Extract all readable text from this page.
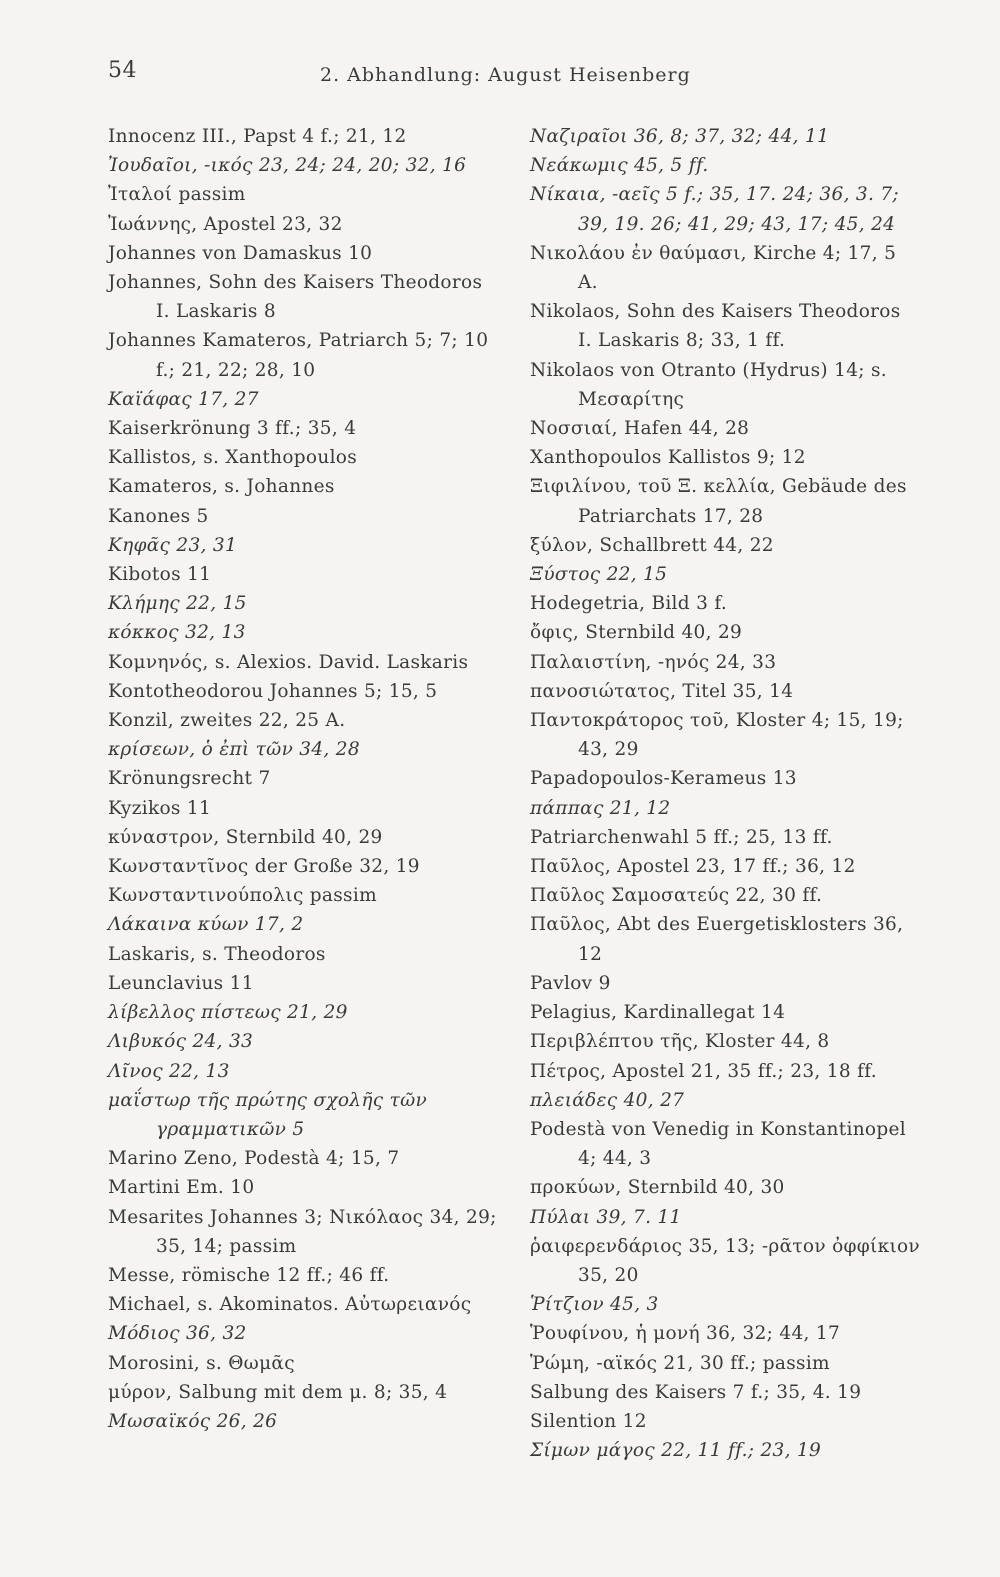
54	2. Abhandlung: August Heisenberg
Innocenz III., Papst 4 f.; 21, 12
Ἰουδαῖοι, -ικός 23, 24; 24, 20; 32, 16
Ἰταλοί passim
Ἰωάννης, Apostel 23, 32
Johannes von Damaskus 10
Johannes, Sohn des Kaisers Theodoros I. Laskaris 8
Johannes Kamateros, Patriarch 5; 7; 10 f.; 21, 22; 28, 10
Καϊάφας 17, 27
Kaiserkrönung 3 ff.; 35, 4
Kallistos, s. Xanthopoulos
Kamateros, s. Johannes
Kanones 5
Κηφᾶς 23, 31
Kibotos 11
Κλήμης 22, 15
κόκκος 32, 13
Κομνηνός, s. Alexios. David. Laskaris
Kontotheodorou Johannes 5; 15, 5
Konzil, zweites 22, 25 A.
κρίσεων, ὁ ἐπὶ τῶν 34, 28
Krönungsrecht 7
Kyzikos 11
κύναστρον, Sternbild 40, 29
Κωνσταντῖνος der Große 32, 19
Κωνσταντινούπολις passim
Λάκαινα κύων 17, 2
Laskaris, s. Theodoros
Leunclavius 11
λίβελλος πίστεως 21, 29
Λιβυκός 24, 33
Λῖνος 22, 13
μαΐστωρ τῆς πρώτης σχολῆς τῶν γραμματικῶν 5
Marino Zeno, Podestà 4; 15, 7
Martini Em. 10
Mesarites Johannes 3; Νικόλαος 34, 29; 35, 14; passim
Messe, römische 12 ff.; 46 ff.
Michael, s. Akominatos. Αὐτωρειανός
Μόδιος 36, 32
Morosini, s. Θωμᾶς
μύρον, Salbung mit dem μ. 8; 35, 4
Μωσαϊκός 26, 26
Ναζιραῖοι 36, 8; 37, 32; 44, 11
Νεάκωμις 45, 5 ff.
Νίκαια, -αεῖς 5 f.; 35, 17. 24; 36, 3. 7; 39, 19. 26; 41, 29; 43, 17; 45, 24
Νικολάου ἐν θαύμασι, Kirche 4; 17, 5 A.
Nikolaos, Sohn des Kaisers Theodoros I. Laskaris 8; 33, 1 ff.
Nikolaos von Otranto (Hydrus) 14; s. Μεσαρίτης
Νοσσιαί, Hafen 44, 28
Xanthopoulos Kallistos 9; 12
Ξιφιλίνου, τοῦ Ξ. κελλία, Gebäude des Patriarchats 17, 28
ξύλον, Schallbrett 44, 22
Ξύστος 22, 15
Hodegetria, Bild 3 f.
ὄφις, Sternbild 40, 29
Παλαιστίνη, -ηνός 24, 33
πανοσιώτατος, Titel 35, 14
Παντοκράτορος τοῦ, Kloster 4; 15, 19; 43, 29
Papadopoulos-Kerameus 13
πάππας 21, 12
Patriarchenwahl 5 ff.; 25, 13 ff.
Παῦλος, Apostel 23, 17 ff.; 36, 12
Παῦλος Σαμοσατεύς 22, 30 ff.
Παῦλος, Abt des Euergetisklosters 36, 12
Pavlov 9
Pelagius, Kardinallegat 14
Περιβλέπτου τῆς, Kloster 44, 8
Πέτρος, Apostel 21, 35 ff.; 23, 18 ff.
πλειάδες 40, 27
Podestà von Venedig in Konstantinopel 4; 44, 3
προκύων, Sternbild 40, 30
Πύλαι 39, 7. 11
ῥαιφερενδάριος 35, 13; -ρᾶτον ὀφφίκιον 35, 20
Ῥίτζιον 45, 3
Ῥουφίνου, ἡ μονή 36, 32; 44, 17
Ῥώμη, -αϊκός 21, 30 ff.; passim
Salbung des Kaisers 7 f.; 35, 4. 19
Silention 12
Σίμων μάγος 22, 11 ff.; 23, 19
